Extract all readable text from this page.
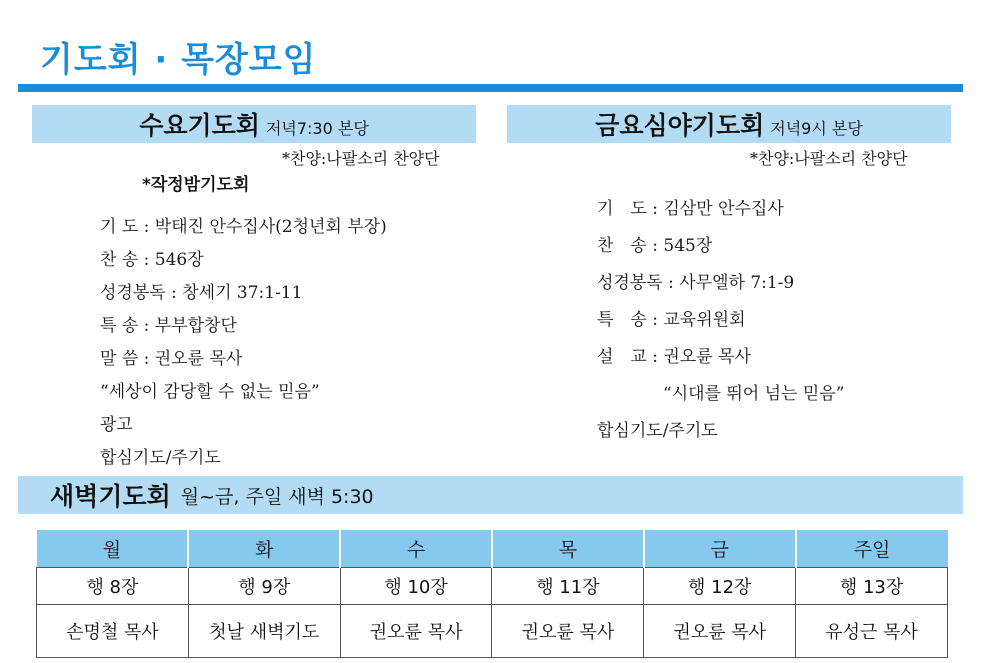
기도회 · 목장모임
수요기도회 저녁7:30 본당
*찬양:나팔소리 찬양단
*작정밤기도회
기 도 : 박태진 안수집사(2청년회 부장)
찬 송 : 546장
성경봉독 : 창세기 37:1-11
특 송 : 부부합창단
말 씀 : 권오륜 목사
“세상이 감당할 수 없는 믿음”
광고
합심기도/주기도
금요심야기도회 저녁9시 본당
*찬양:나팔소리 찬양단
기　도 : 김삼만 안수집사
찬　송 : 545장
성경봉독 : 사무엘하 7:1-9
특　송 : 교육위원회
설　교 : 권오륜 목사
“시대를 뛰어 넘는 믿음”
합심기도/주기도
새벽기도회 월~금, 주일 새벽 5:30
월	화	수	목	금	주일
행 8장	행 9장	행 10장	행 11장	행 12장	행 13장
손명철 목사	첫날 새벽기도	권오륜 목사	권오륜 목사	권오륜 목사	유성근 목사
